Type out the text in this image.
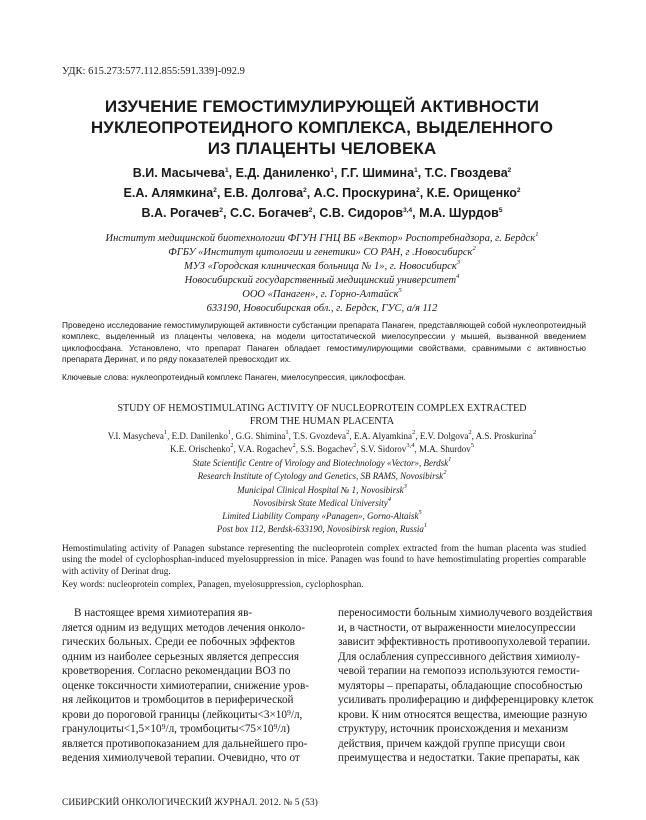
УДК: 615.273:577.112.855:591.339]-092.9
ИЗУЧЕНИЕ ГЕМОСТИМУЛИРУЮЩЕЙ АКТИВНОСТИ
НУКЛЕОПРОТЕИДНОГО КОМПЛЕКСА, ВЫДЕЛЕННОГО
ИЗ ПЛАЦЕНТЫ ЧЕЛОВЕКА
В.И. Масычева$^1$, Е.Д. Даниленко$^1$, Г.Г. Шимина$^1$, Т.С. Гвоздева$^2$
Е.А. Алямкина$^2$, Е.В. Долгова$^2$, А.С. Проскурина$^2$, К.Е. Орищенко$^2$
В.А. Рогачев$^2$, С.С. Богачев$^2$, С.В. Сидоров$^{3,4}$, М.А. Шурдов$^5$
Институт медицинской биотехнологии ФГУН ГНЦ ВБ «Вектор» Роспотребнадзора, г. Бердск$^1$
ФГБУ «Институт цитологии и генетики» СО РАН, г .Новосибирск$^2$
МУЗ «Городская клиническая больница № 1», г. Новосибирск$^3$
Новосибирский государственный медицинский университет$^4$
ООО «Панаген», г. Горно-Алтайск$^5$
633190, Новосибирская обл., г. Бердск, ГУС, а/я 112
Проведено исследование гемостимулирующей активности субстанции препарата Панаген, представляющей собой нуклеопротеидный комплекс, выделенный из плаценты человека, на модели цитостатической миелосупрессии у мышей, вызванной введением циклофосфана. Установлено, что препарат Панаген обладает гемостимулирующими свойствами, сравнимыми с активностью препарата Деринат, и по ряду показателей превосходит их.
Ключевые слова: нуклеопротеидный комплекс Панаген, миелосупрессия, циклофосфан.
STUDY OF HEMOSTIMULATING ACTIVITY OF NUCLEOPROTEIN COMPLEX EXTRACTED
FROM THE HUMAN PLACENTA
V.I. Masycheva$^1$, E.D. Danilenko$^1$, G.G. Shimina$^1$, T.S. Gvozdeva$^2$, E.A. Alyamkina$^2$, E.V. Dolgova$^2$, A.S. Proskurina$^2$
K.E. Orischenko$^2$, V.A. Rogachev$^2$, S.S. Bogachev$^2$, S.V. Sidorov$^{3,4}$, M.A. Shurdov$^5$
State Scientific Centre of Virology and Biotechnology «Vector», Berdsk$^1$
Research Institute of Cytology and Genetics, SB RAMS, Novosibirsk$^2$
Municipal Clinical Hospital № 1, Novosibirsk$^3$
Novosibirsk State Medical University$^4$
Limited Liability Company «Panagen», Gorno-Altaisk$^5$
Post box 112, Berdsk-633190, Novosibirsk region, Russia$^1$
Hemostimulating activity of Panagen substance representing the nucleoprotein complex extracted from the human placenta was studied using the model of cyclophosphan-induced myelosuppression in mice. Panagen was found to have hemostimulating properties comparable with activity of Derinat drug.
Key words: nucleoprotein complex, Panagen, myelosuppression, cyclophosphan.
В настоящее время химиотерапия яв-
ляется одним из ведущих методов лечения онколо-
гических больных. Среди ее побочных эффектов
одним из наиболее серьезных является депрессия
кроветворения. Согласно рекомендации ВОЗ по
оценке токсичности химиотерапии, снижение уров-
ня лейкоцитов и тромбоцитов в периферической
крови до пороговой границы (лейкоциты<3×10⁹/л,
гранулоциты<1,5×10⁹/л, тромбоциты<75×10⁹/л)
является противопоказанием для дальнейшего про-
ведения химиолучевой терапии. Очевидно, что от
переносимости больным химиолучевого воздействия
и, в частности, от выраженности миелосупрессии
зависит эффективность противоопухолевой терапии.
Для ослабления супрессивного действия химиолу-
чевой терапии на гемопоэз используются гемости-
муляторы – препараты, обладающие способностью
усиливать пролиферацию и дифференцировку клеток
крови. К ним относятся вещества, имеющие разную
структуру, источник происхождения и механизм
действия, причем каждой группе присущи свои
преимущества и недостатки. Такие препараты, как
СИБИРСКИЙ ОНКОЛОГИЧЕСКИЙ ЖУРНАЛ. 2012. № 5 (53)
